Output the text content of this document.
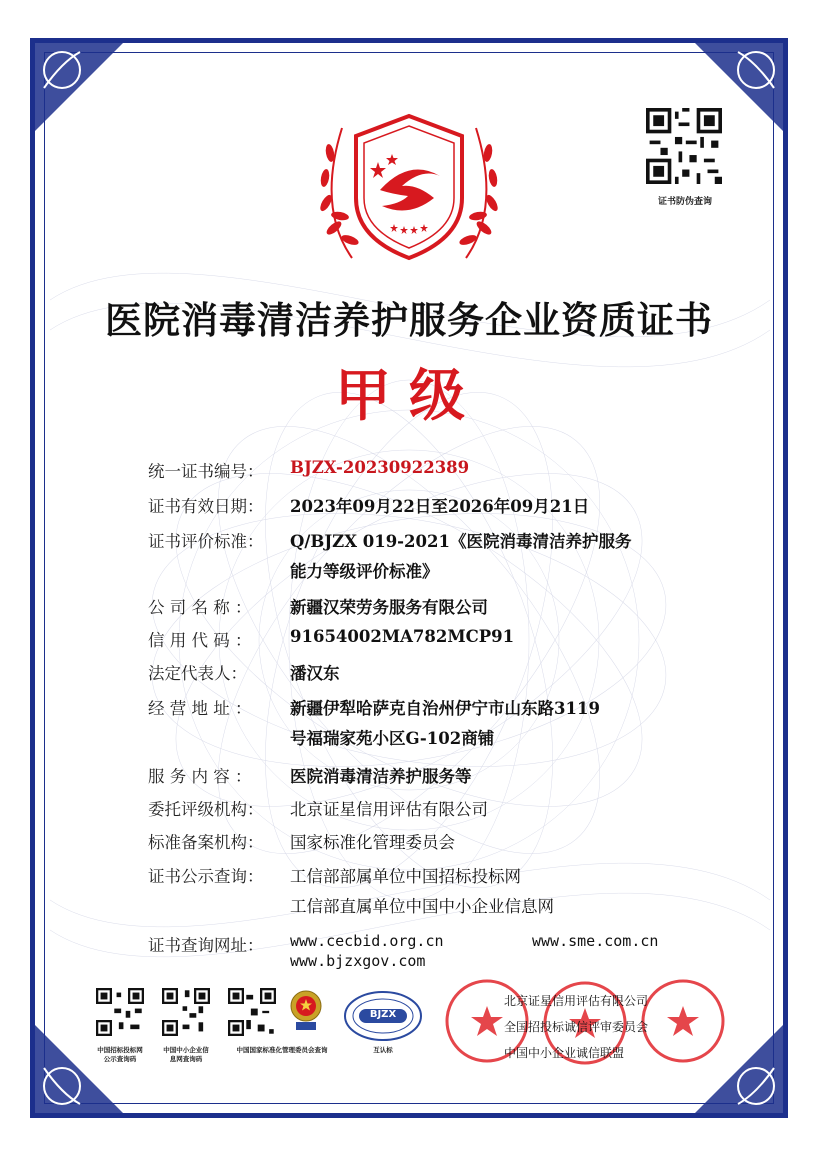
证书防伪查询
医院消毒清洁养护服务企业资质证书
甲级
统一证书编号：	BJZX-20230922389
证书有效日期：	2023年09月22日至2026年09月21日
证书评价标准：	Q/BJZX 019-2021《医院消毒清洁养护服务
能力等级评价标准》
公 司 名 称 ：	新疆汉荣劳务服务有限公司
信 用 代 码 ：	91654002MA782MCP91
法定代表人：	潘汉东
经 营 地 址 ：	新疆伊犁哈萨克自治州伊宁市山东路3119
号福瑞家苑小区G-102商铺
服 务 内 容 ：	医院消毒清洁养护服务等
委托评级机构：	北京证星信用评估有限公司
标准备案机构：	国家标准化管理委员会
证书公示查询：	工信部部属单位中国招标投标网
工信部直属单位中国中小企业信息网
证书查询网址：	www.cecbid.org.cn	www.sme.com.cn
www.bjzxgov.com
中国招标投标网
公示查询码
中国中小企业信
息网查询码
中国国家标准化管理委员会查询
BJZX
互认标
北京证星信用评估有限公司
全国招投标诚信评审委员会
中国中小企业诚信联盟
